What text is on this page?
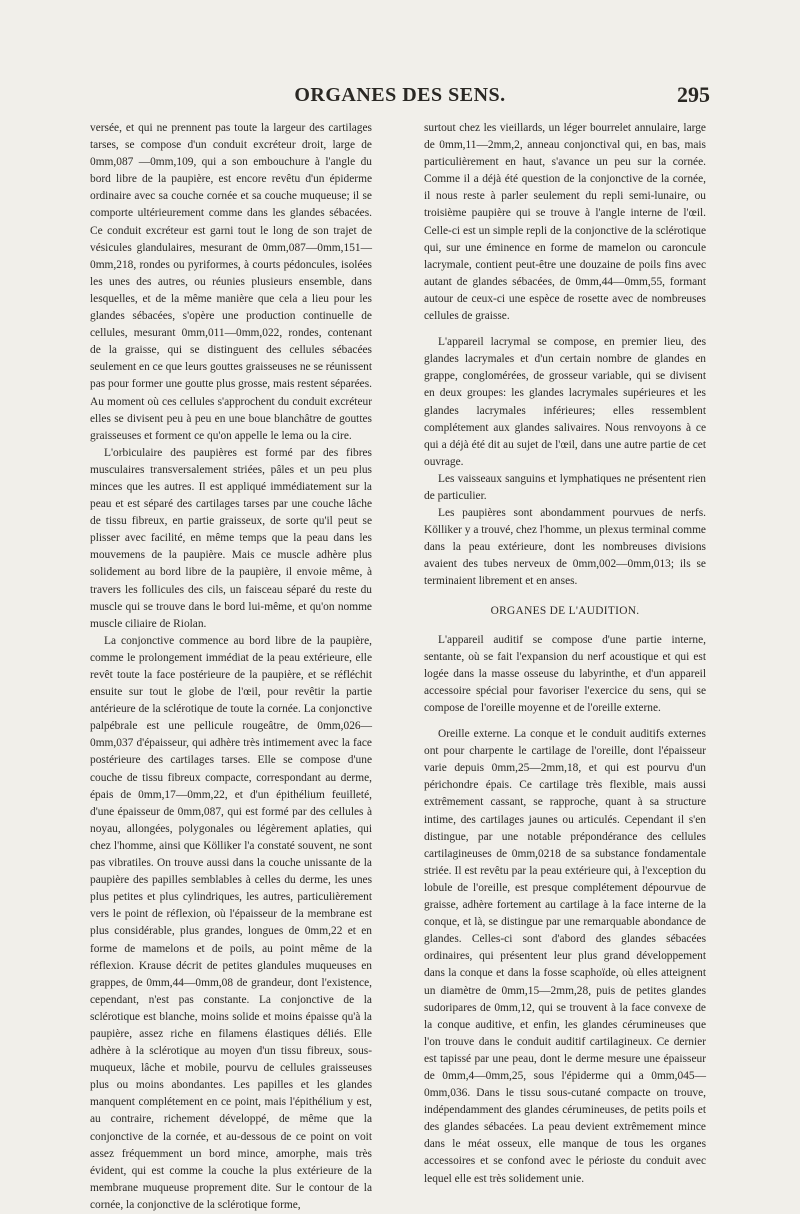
ORGANES DES SENS.	295

versée, et qui ne prennent pas toute la largeur des cartilages tarses, se compose d'un conduit excréteur droit, large de 0mm,087 —0mm,109, qui a son embouchure à l'angle du bord libre de la paupière, est encore revêtu d'un épiderme ordinaire avec sa couche cornée et sa couche muqueuse; il se comporte ultérieurement comme dans les glandes sébacées. Ce conduit excréteur est garni tout le long de son trajet de vésicules glandulaires, mesurant de 0mm,087—0mm,151—0mm,218, rondes ou pyriformes, à courts pédoncules, isolées les unes des autres, ou réunies plusieurs ensemble, dans lesquelles, et de la même manière que cela a lieu pour les glandes sébacées, s'opère une production continuelle de cellules, mesurant 0mm,011—0mm,022, rondes, contenant de la graisse, qui se distinguent des cellules sébacées seulement en ce que leurs gouttes graisseuses ne se réunissent pas pour former une goutte plus grosse, mais restent séparées. Au moment où ces cellules s'approchent du conduit excréteur elles se divisent peu à peu en une boue blanchâtre de gouttes graisseuses et forment ce qu'on appelle le lema ou la cire.

L'orbiculaire des paupières est formé par des fibres musculaires transversalement striées, pâles et un peu plus minces que les autres. Il est appliqué immédiatement sur la peau et est séparé des cartilages tarses par une couche lâche de tissu fibreux, en partie graisseux, de sorte qu'il peut se plisser avec facilité, en même temps que la peau dans les mouvemens de la paupière. Mais ce muscle adhère plus solidement au bord libre de la paupière, il envoie même, à travers les follicules des cils, un faisceau séparé du reste du muscle qui se trouve dans le bord lui-même, et qu'on nomme muscle ciliaire de Riolan.

La conjonctive commence au bord libre de la paupière, comme le prolongement immédiat de la peau extérieure, elle revêt toute la face postérieure de la paupière, et se réfléchit ensuite sur tout le globe de l'œil, pour revêtir la partie antérieure de la sclérotique de toute la cornée. La conjonctive palpébrale est une pellicule rougeâtre, de 0mm,026—0mm,037 d'épaisseur, qui adhère très intimement avec la face postérieure des cartilages tarses. Elle se compose d'une couche de tissu fibreux compacte, correspondant au derme, épais de 0mm,17—0mm,22, et d'un épithélium feuilleté, d'une épaisseur de 0mm,087, qui est formé par des cellules à noyau, allongées, polygonales ou légèrement aplaties, qui chez l'homme, ainsi que Kölliker l'a constaté souvent, ne sont pas vibratiles. On trouve aussi dans la couche unissante de la paupière des papilles semblables à celles du derme, les unes plus petites et plus cylindriques, les autres, particulièrement vers le point de réflexion, où l'épaisseur de la membrane est plus considérable, plus grandes, longues de 0mm,22 et en forme de mamelons et de poils, au point même de la réflexion. Krause décrit de petites glandules muqueuses en grappes, de 0mm,44—0mm,08 de grandeur, dont l'existence, cependant, n'est pas constante. La conjonctive de la sclérotique est blanche, moins solide et moins épaisse qu'à la paupière, assez riche en filamens élastiques déliés. Elle adhère à la sclérotique au moyen d'un tissu fibreux, sous-muqueux, lâche et mobile, pourvu de cellules graisseuses plus ou moins abondantes. Les papilles et les glandes manquent complétement en ce point, mais l'épithélium y est, au contraire, richement développé, de même que la conjonctive de la cornée, et au-dessous de ce point on voit assez fréquemment un bord mince, amorphe, mais très évident, qui est comme la couche la plus extérieure de la membrane muqueuse proprement dite. Sur le contour de la cornée, la conjonctive de la sclérotique forme,

surtout chez les vieillards, un léger bourrelet annulaire, large de 0mm,11—2mm,2, anneau conjonctival qui, en bas, mais particulièrement en haut, s'avance un peu sur la cornée. Comme il a déjà été question de la conjonctive de la cornée, il nous reste à parler seulement du repli semi-lunaire, ou troisième paupière qui se trouve à l'angle interne de l'œil. Celle-ci est un simple repli de la conjonctive de la sclérotique qui, sur une éminence en forme de mamelon ou caroncule lacrymale, contient peut-être une douzaine de poils fins avec autant de glandes sébacées, de 0mm,44—0mm,55, formant autour de ceux-ci une espèce de rosette avec de nombreuses cellules de graisse.

L'appareil lacrymal se compose, en premier lieu, des glandes lacrymales et d'un certain nombre de glandes en grappe, conglomérées, de grosseur variable, qui se divisent en deux groupes: les glandes lacrymales supérieures et les glandes lacrymales inférieures; elles ressemblent complétement aux glandes salivaires. Nous renvoyons à ce qui a déjà été dit au sujet de l'œil, dans une autre partie de cet ouvrage.

Les vaisseaux sanguins et lymphatiques ne présentent rien de particulier.

Les paupières sont abondamment pourvues de nerfs. Kölliker y a trouvé, chez l'homme, un plexus terminal comme dans la peau extérieure, dont les nombreuses divisions avaient des tubes nerveux de 0mm,002—0mm,013; ils se terminaient librement et en anses.

ORGANES DE L'AUDITION.

L'appareil auditif se compose d'une partie interne, sentante, où se fait l'expansion du nerf acoustique et qui est logée dans la masse osseuse du labyrinthe, et d'un appareil accessoire spécial pour favoriser l'exercice du sens, qui se compose de l'oreille moyenne et de l'oreille externe.

Oreille externe. La conque et le conduit auditifs externes ont pour charpente le cartilage de l'oreille, dont l'épaisseur varie depuis 0mm,25—2mm,18, et qui est pourvu d'un périchondre épais. Ce cartilage très flexible, mais aussi extrêmement cassant, se rapproche, quant à sa structure intime, des cartilages jaunes ou articulés. Cependant il s'en distingue, par une notable prépondérance des cellules cartilagineuses de 0mm,0218 de sa substance fondamentale striée. Il est revêtu par la peau extérieure qui, à l'exception du lobule de l'oreille, est presque complétement dépourvue de graisse, adhère fortement au cartilage à la face interne de la conque, et là, se distingue par une remarquable abondance de glandes. Celles-ci sont d'abord des glandes sébacées ordinaires, qui présentent leur plus grand développement dans la conque et dans la fosse scaphoïde, où elles atteignent un diamètre de 0mm,15—2mm,28, puis de petites glandes sudoripares de 0mm,12, qui se trouvent à la face convexe de la conque auditive, et enfin, les glandes cérumineuses que l'on trouve dans le conduit auditif cartilagineux. Ce dernier est tapissé par une peau, dont le derme mesure une épaisseur de 0mm,4—0mm,25, sous l'épiderme qui a 0mm,045—0mm,036. Dans le tissu sous-cutané compacte on trouve, indépendamment des glandes cérumineuses, de petits poils et des glandes sébacées. La peau devient extrêmement mince dans le méat osseux, elle manque de tous les organes accessoires et se confond avec le périoste du conduit avec lequel elle est très solidement unie.
